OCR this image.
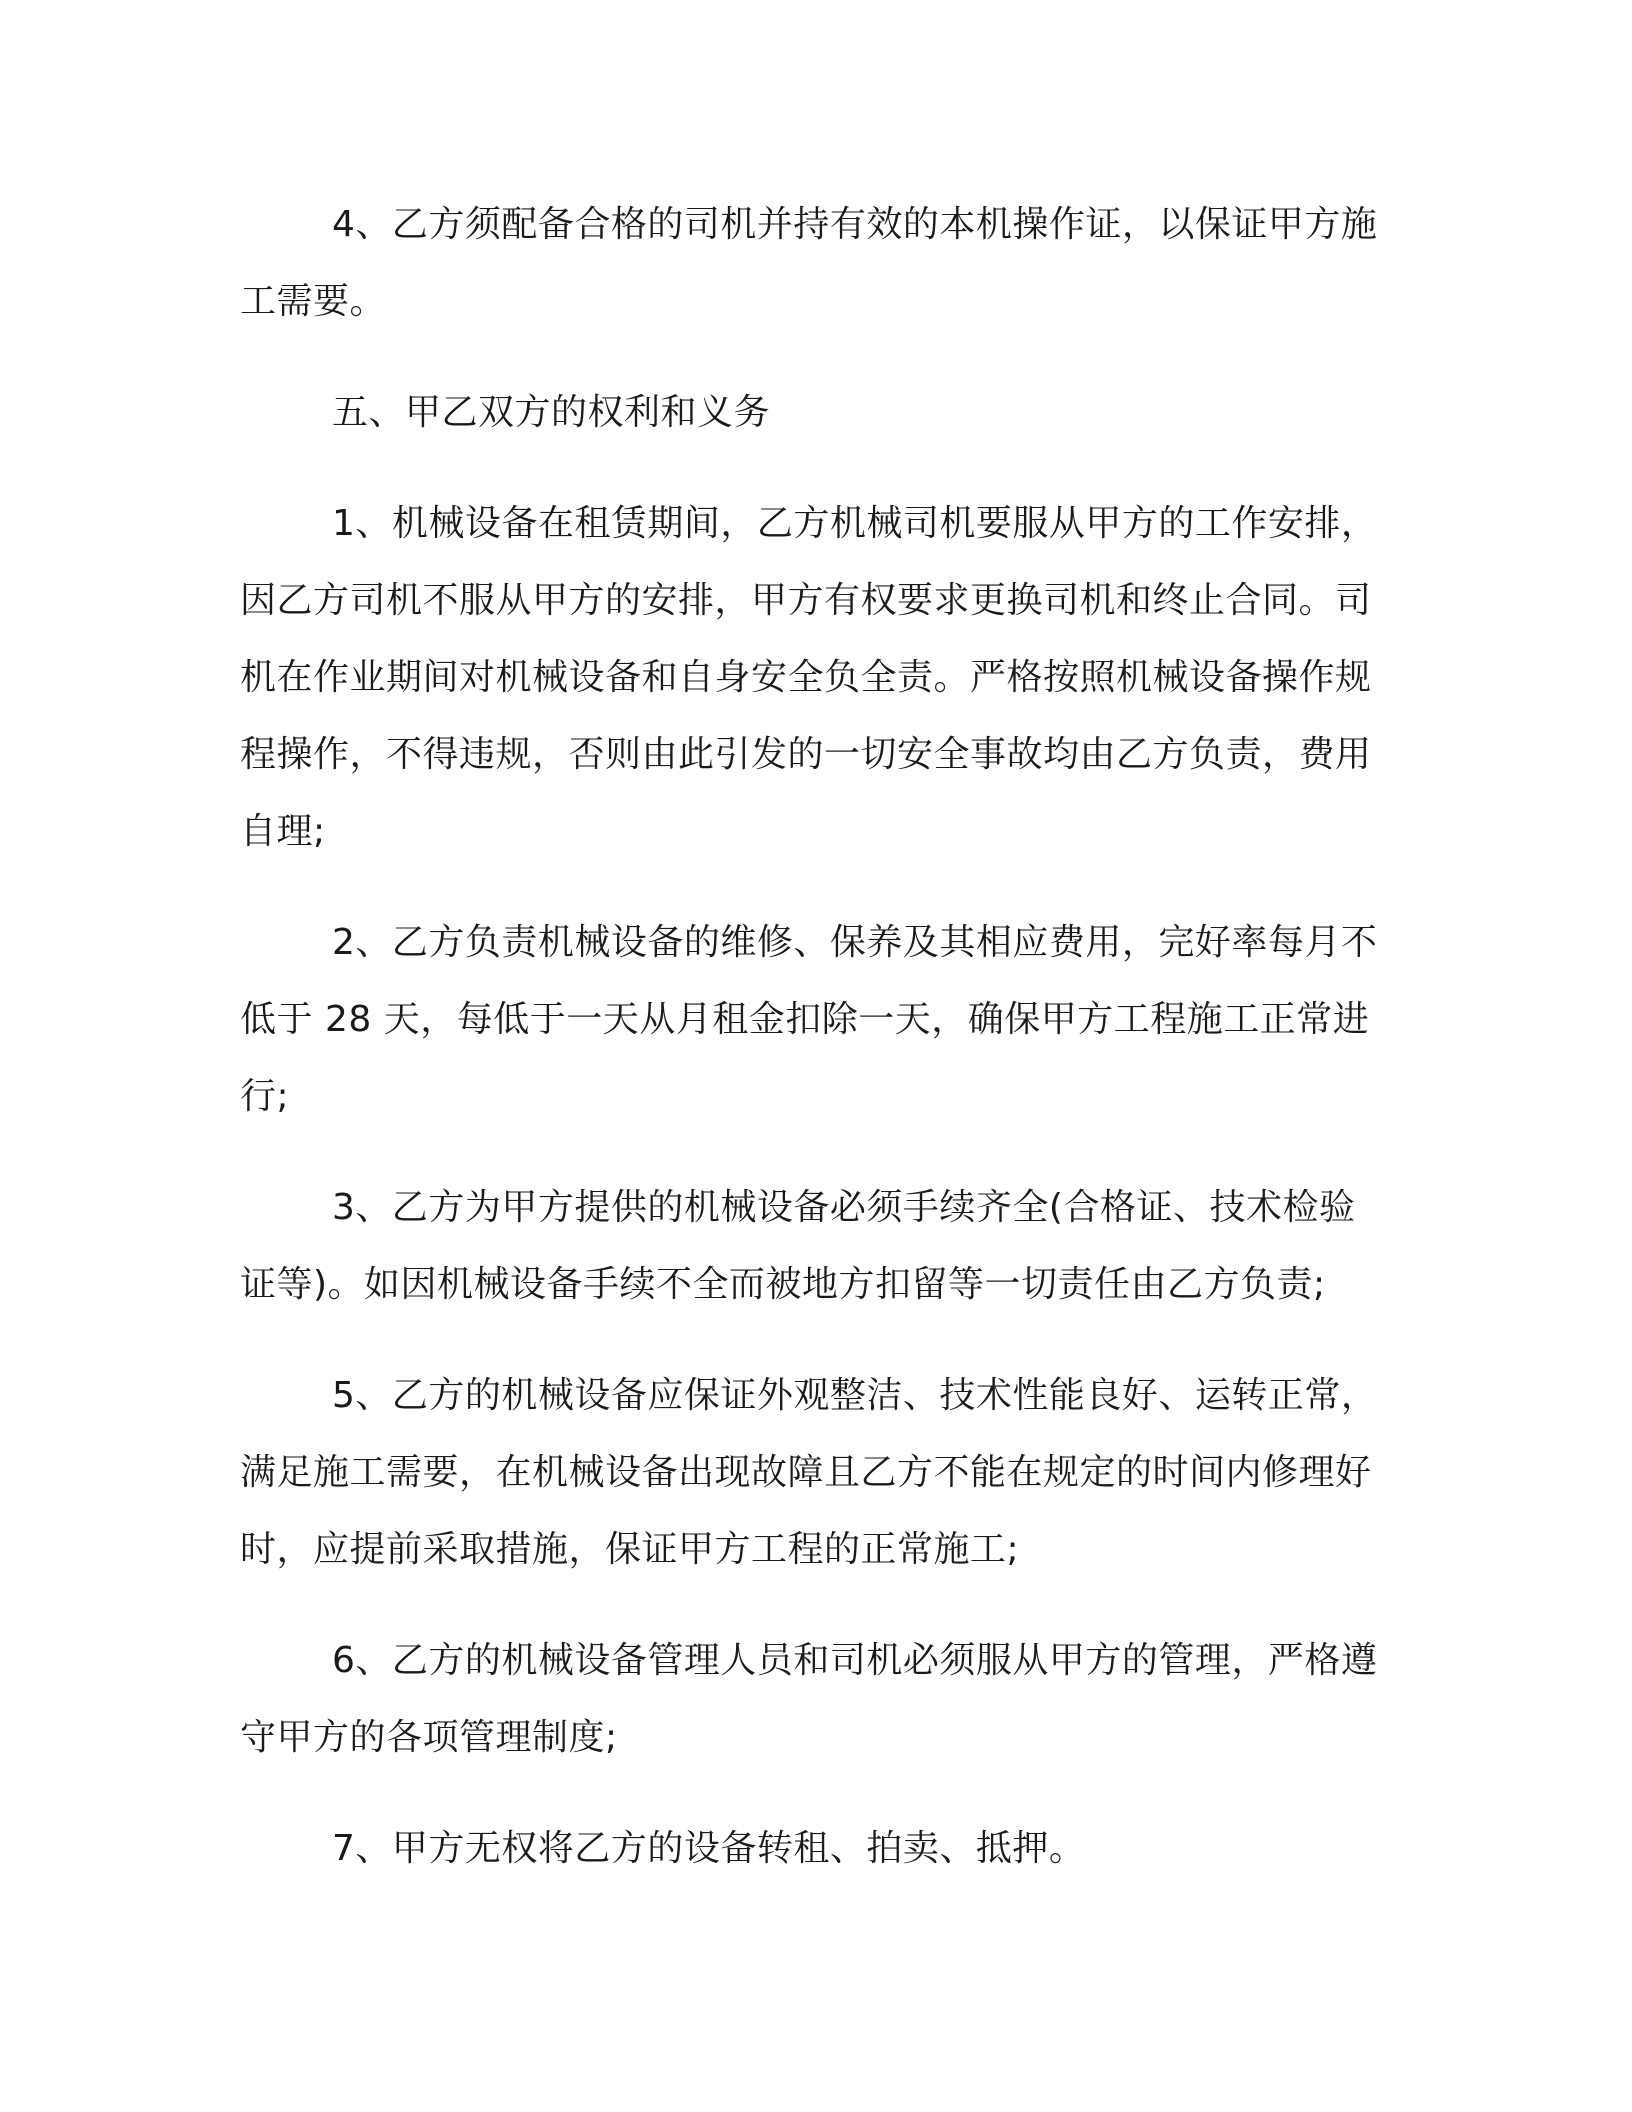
4、乙方须配备合格的司机并持有效的本机操作证，以保证甲方施工需要。

五、甲乙双方的权利和义务

1、机械设备在租赁期间，乙方机械司机要服从甲方的工作安排，因乙方司机不服从甲方的安排，甲方有权要求更换司机和终止合同。司机在作业期间对机械设备和自身安全负全责。严格按照机械设备操作规程操作，不得违规，否则由此引发的一切安全事故均由乙方负责，费用自理;

2、乙方负责机械设备的维修、保养及其相应费用，完好率每月不低于 28 天，每低于一天从月租金扣除一天，确保甲方工程施工正常进行;

3、乙方为甲方提供的机械设备必须手续齐全(合格证、技术检验证等)。如因机械设备手续不全而被地方扣留等一切责任由乙方负责;

5、乙方的机械设备应保证外观整洁、技术性能良好、运转正常，满足施工需要，在机械设备出现故障且乙方不能在规定的时间内修理好时，应提前采取措施，保证甲方工程的正常施工;

6、乙方的机械设备管理人员和司机必须服从甲方的管理，严格遵守甲方的各项管理制度;

7、甲方无权将乙方的设备转租、拍卖、抵押。
